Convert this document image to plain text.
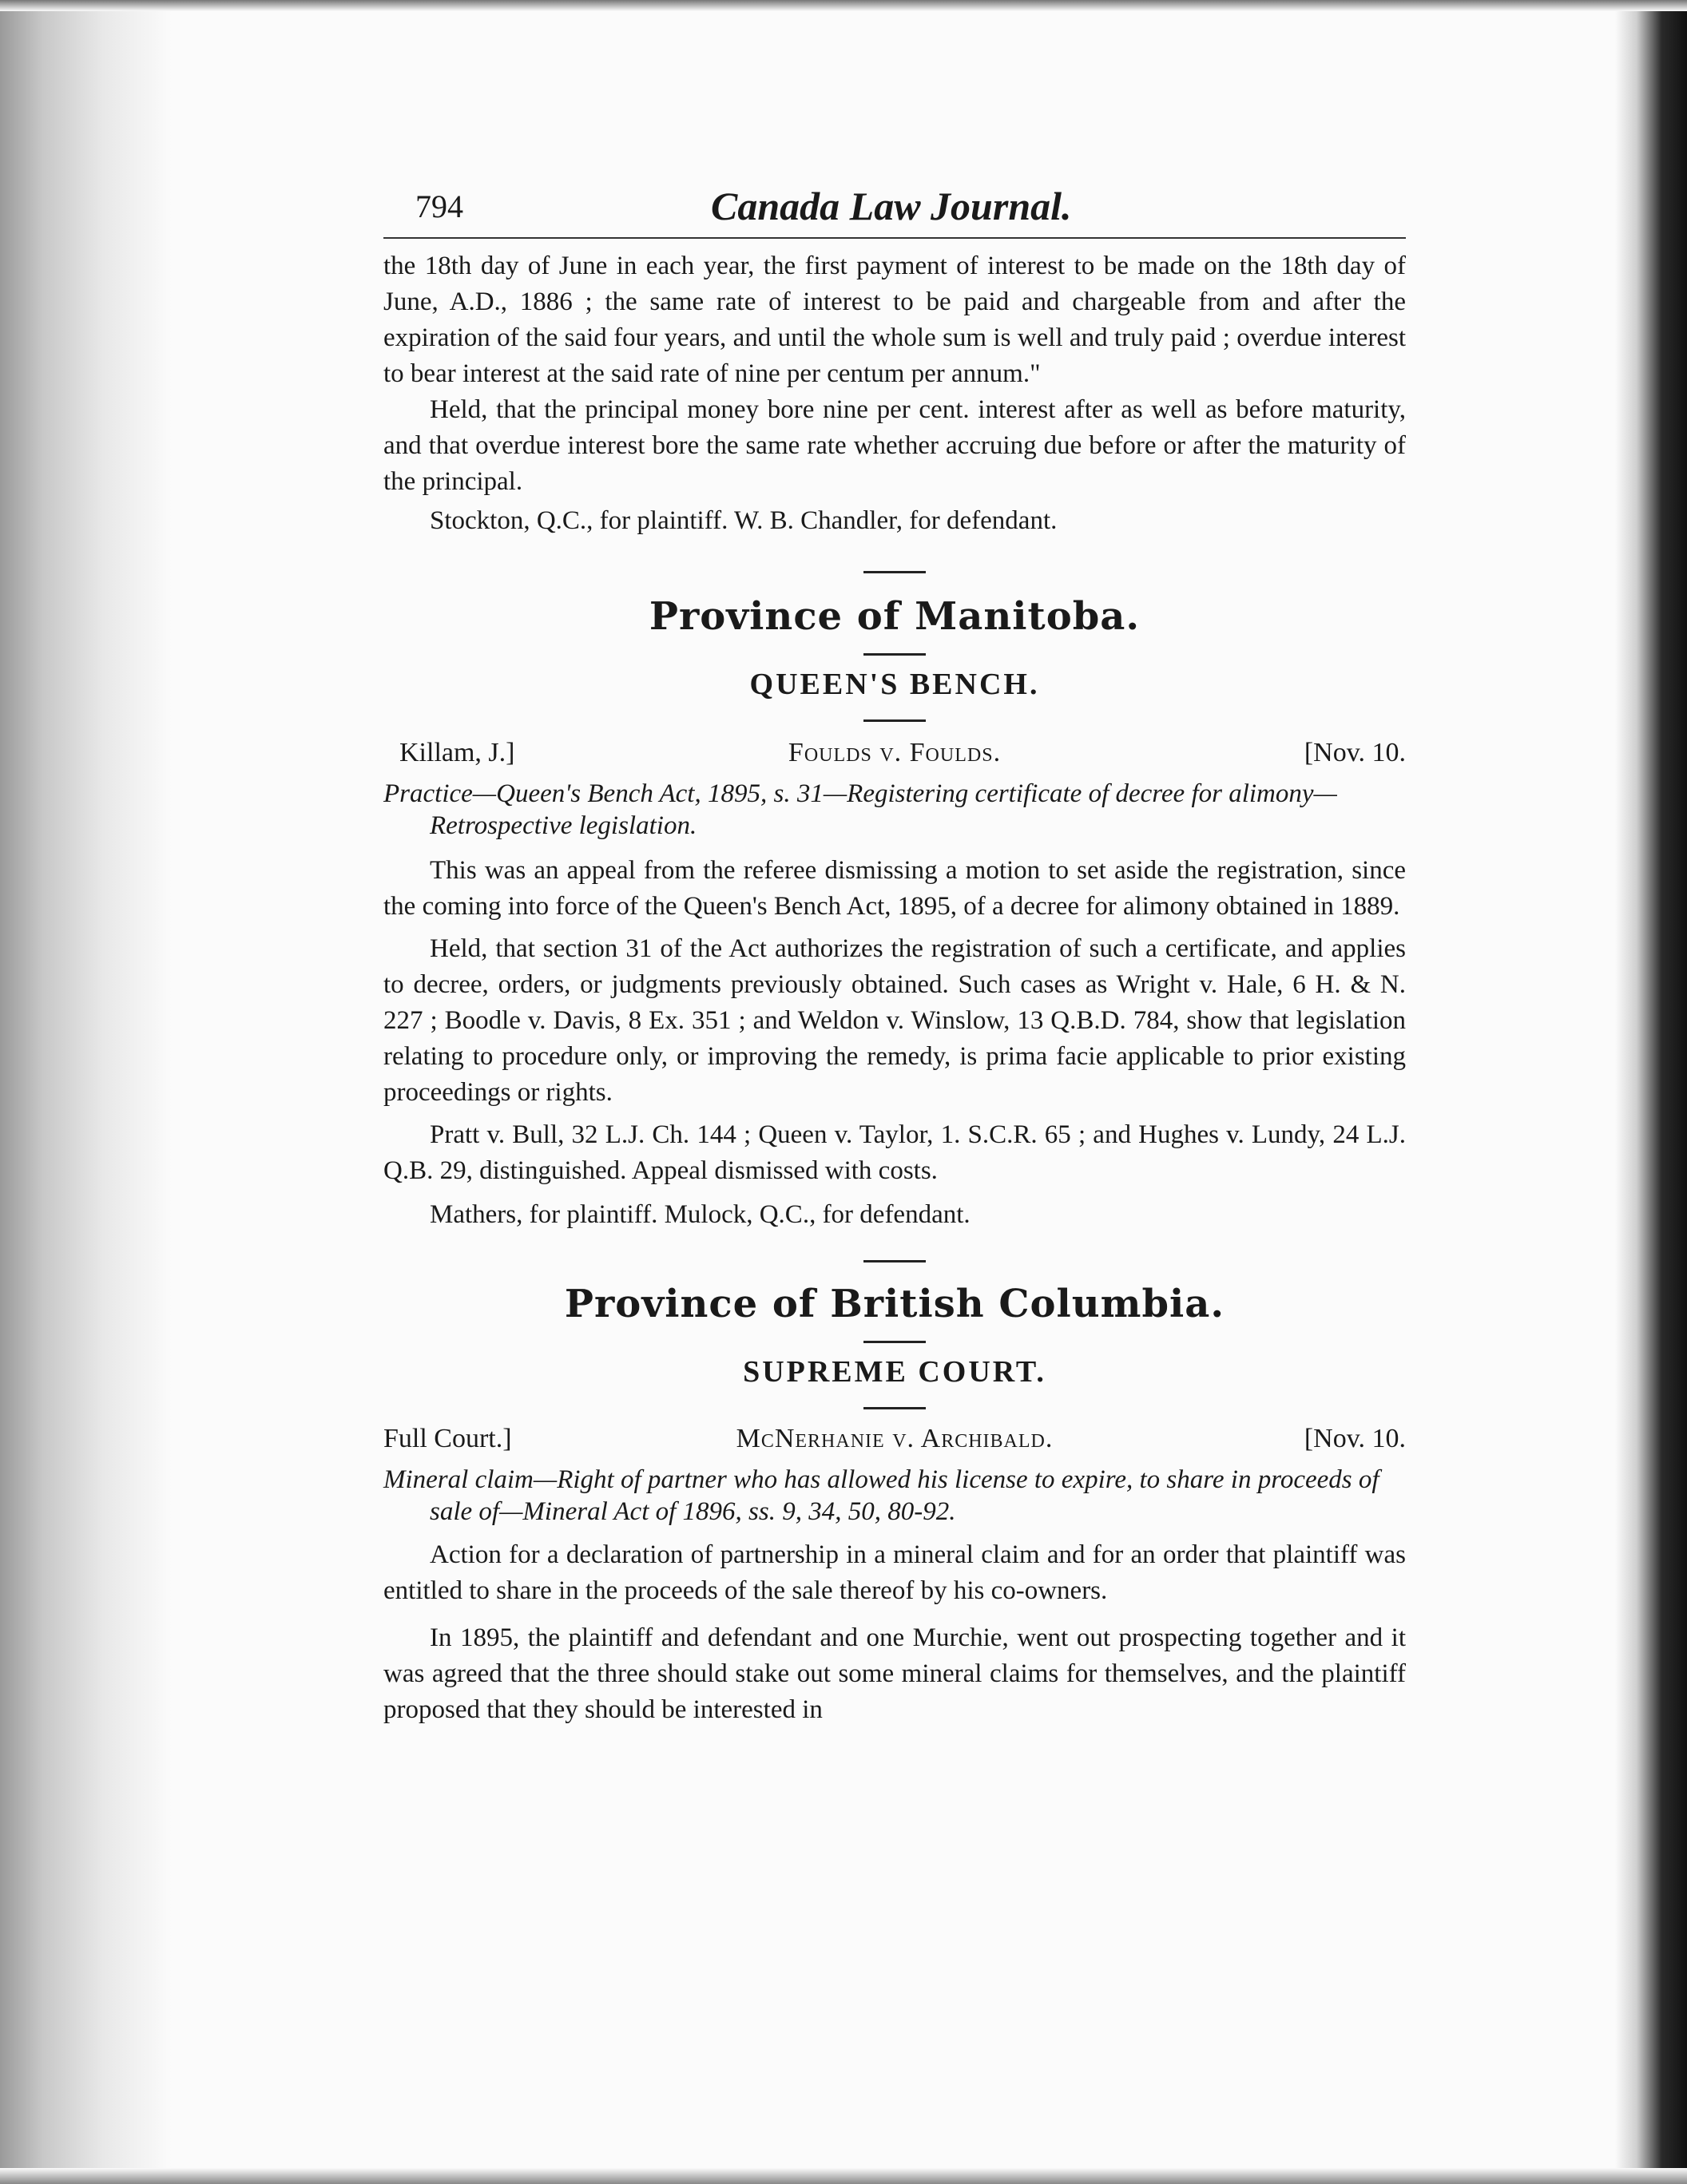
794	Canada Law Journal.

the 18th day of June in each year, the first payment of interest to be made on the 18th day of June, A.D., 1886 ; the same rate of interest to be paid and chargeable from and after the expiration of the said four years, and until the whole sum is well and truly paid ; overdue interest to bear interest at the said rate of nine per centum per annum."

Held, that the principal money bore nine per cent. interest after as well as before maturity, and that overdue interest bore the same rate whether accruing due before or after the maturity of the principal.

Stockton, Q.C., for plaintiff. W. B. Chandler, for defendant.

Province of Manitoba.
QUEEN'S BENCH.
Killam, J.]	Foulds v. Foulds.	[Nov. 10.

Practice—Queen's Bench Act, 1895, s. 31—Registering certificate of decree for alimony—Retrospective legislation.

This was an appeal from the referee dismissing a motion to set aside the registration, since the coming into force of the Queen's Bench Act, 1895, of a decree for alimony obtained in 1889.

Held, that section 31 of the Act authorizes the registration of such a certificate, and applies to decree, orders, or judgments previously obtained. Such cases as Wright v. Hale, 6 H. & N. 227 ; Boodle v. Davis, 8 Ex. 351 ; and Weldon v. Winslow, 13 Q.B.D. 784, show that legislation relating to procedure only, or improving the remedy, is prima facie applicable to prior existing proceedings or rights.

Pratt v. Bull, 32 L.J. Ch. 144 ; Queen v. Taylor, 1. S.C.R. 65 ; and Hughes v. Lundy, 24 L.J. Q.B. 29, distinguished. Appeal dismissed with costs.

Mathers, for plaintiff. Mulock, Q.C., for defendant.

Province of British Columbia.
SUPREME COURT.
Full Court.]	McNerhanie v. Archibald.	[Nov. 10.

Mineral claim—Right of partner who has allowed his license to expire, to share in proceeds of sale of—Mineral Act of 1896, ss. 9, 34, 50, 80-92.

Action for a declaration of partnership in a mineral claim and for an order that plaintiff was entitled to share in the proceeds of the sale thereof by his co-owners.

In 1895, the plaintiff and defendant and one Murchie, went out prospecting together and it was agreed that the three should stake out some mineral claims for themselves, and the plaintiff proposed that they should be interested in
